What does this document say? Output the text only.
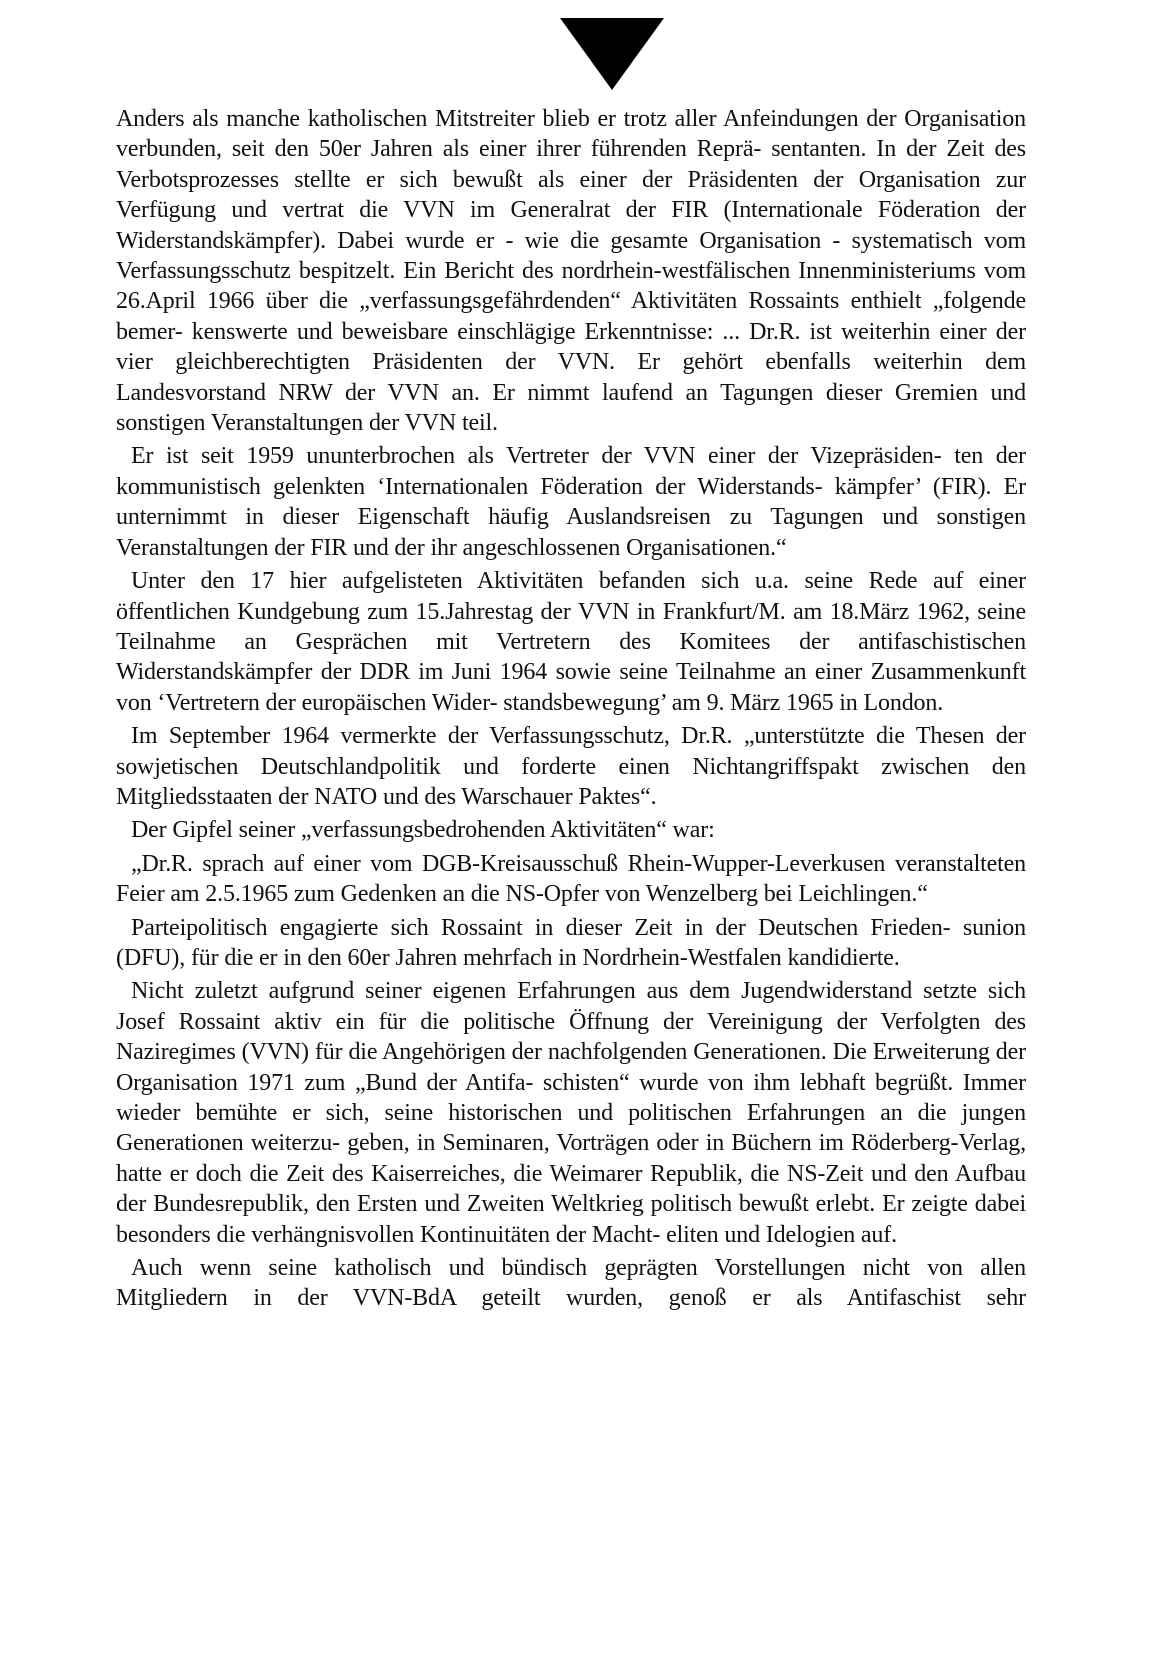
Anders als manche katholischen Mitstreiter blieb er trotz aller Anfeindungen der Organisation verbunden, seit den 50er Jahren als einer ihrer führenden Reprä- sentanten. In der Zeit des Verbotsprozesses stellte er sich bewußt als einer der Präsidenten der Organisation zur Verfügung und vertrat die VVN im Generalrat der FIR (Internationale Föderation der Widerstandskämpfer). Dabei wurde er - wie die gesamte Organisation - systematisch vom Verfassungsschutz bespitzelt. Ein Bericht des nordrhein-westfälischen Innenministeriums vom 26.April 1966 über die „verfassungsgefährdenden“ Aktivitäten Rossaints enthielt „folgende bemer- kenswerte und beweisbare einschlägige Erkenntnisse: ... Dr.R. ist weiterhin einer der vier gleichberechtigten Präsidenten der VVN. Er gehört ebenfalls weiterhin dem Landesvorstand NRW der VVN an. Er nimmt laufend an Tagungen dieser Gremien und sonstigen Veranstaltungen der VVN teil.

Er ist seit 1959 ununterbrochen als Vertreter der VVN einer der Vizepräsiden- ten der kommunistisch gelenkten ‘Internationalen Föderation der Widerstands- kämpfer’ (FIR). Er unternimmt in dieser Eigenschaft häufig Auslandsreisen zu Tagungen und sonstigen Veranstaltungen der FIR und der ihr angeschlossenen Organisationen.“

Unter den 17 hier aufgelisteten Aktivitäten befanden sich u.a. seine Rede auf einer öffentlichen Kundgebung zum 15.Jahrestag der VVN in Frankfurt/M. am 18.März 1962, seine Teilnahme an Gesprächen mit Vertretern des Komitees der antifaschistischen Widerstandskämpfer der DDR im Juni 1964 sowie seine Teilnahme an einer Zusammenkunft von ‘Vertretern der europäischen Wider- standsbewegung’ am 9. März 1965 in London.

Im September 1964 vermerkte der Verfassungsschutz, Dr.R. „unterstützte die Thesen der sowjetischen Deutschlandpolitik und forderte einen Nichtangriffspakt zwischen den Mitgliedsstaaten der NATO und des Warschauer Paktes“.

Der Gipfel seiner „verfassungsbedrohenden Aktivitäten“ war:

„Dr.R. sprach auf einer vom DGB-Kreisausschuß Rhein-Wupper-Leverkusen veranstalteten Feier am 2.5.1965 zum Gedenken an die NS-Opfer von Wenzelberg bei Leichlingen.“

Parteipolitisch engagierte sich Rossaint in dieser Zeit in der Deutschen Frieden- sunion (DFU), für die er in den 60er Jahren mehrfach in Nordrhein-Westfalen kandidierte.

Nicht zuletzt aufgrund seiner eigenen Erfahrungen aus dem Jugendwiderstand setzte sich Josef Rossaint aktiv ein für die politische Öffnung der Vereinigung der Verfolgten des Naziregimes (VVN) für die Angehörigen der nachfolgenden Generationen. Die Erweiterung der Organisation 1971 zum „Bund der Antifa- schisten“ wurde von ihm lebhaft begrüßt. Immer wieder bemühte er sich, seine historischen und politischen Erfahrungen an die jungen Generationen weiterzu- geben, in Seminaren, Vorträgen oder in Büchern im Röderberg-Verlag, hatte er doch die Zeit des Kaiserreiches, die Weimarer Republik, die NS-Zeit und den Aufbau der Bundesrepublik, den Ersten und Zweiten Weltkrieg politisch bewußt erlebt. Er zeigte dabei besonders die verhängnisvollen Kontinuitäten der Macht- eliten und Idelogien auf.

Auch wenn seine katholisch und bündisch geprägten Vorstellungen nicht von allen Mitgliedern in der VVN-BdA geteilt wurden, genoß er als Antifaschist sehr
